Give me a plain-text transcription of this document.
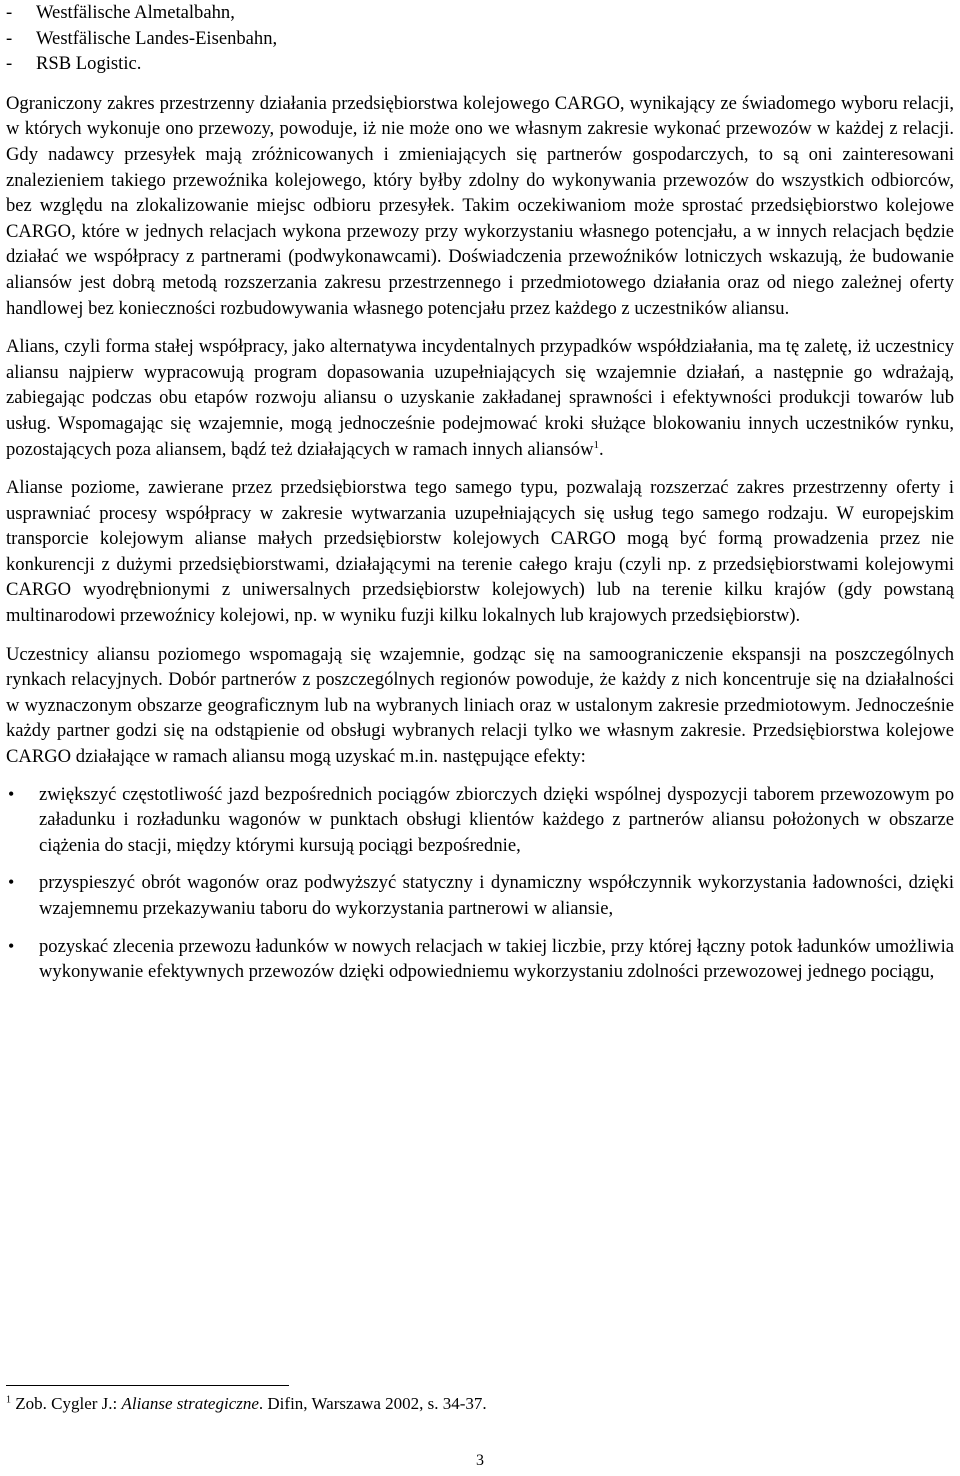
- Westfälische Almetalbahn,
- Westfälische Landes-Eisenbahn,
- RSB Logistic.

Ograniczony zakres przestrzenny działania przedsiębiorstwa kolejowego CARGO, wynikający ze świadomego wyboru relacji, w których wykonuje ono przewozy, powoduje, iż nie może ono we własnym zakresie wykonać przewozów w każdej z relacji. Gdy nadawcy przesyłek mają zróżnicowanych i zmieniających się partnerów gospodarczych, to są oni zainteresowani znalezieniem takiego przewoźnika kolejowego, który byłby zdolny do wykonywania przewozów do wszystkich odbiorców, bez względu na zlokalizowanie miejsc odbioru przesyłek. Takim oczekiwaniom może sprostać przedsiębiorstwo kolejowe CARGO, które w jednych relacjach wykona przewozy przy wykorzystaniu własnego potencjału, a w innych relacjach będzie działać we współpracy z partnerami (podwykonawcami). Doświadczenia przewoźników lotniczych wskazują, że budowanie aliansów jest dobrą metodą rozszerzania zakresu przestrzennego i przedmiotowego działania oraz od niego zależnej oferty handlowej bez konieczności rozbudowywania własnego potencjału przez każdego z uczestników aliansu.

Alians, czyli forma stałej współpracy, jako alternatywa incydentalnych przypadków współdziałania, ma tę zaletę, iż uczestnicy aliansu najpierw wypracowują program dopasowania uzupełniających się wzajemnie działań, a następnie go wdrażają, zabiegając podczas obu etapów rozwoju aliansu o uzyskanie zakładanej sprawności i efektywności produkcji towarów lub usług. Wspomagając się wzajemnie, mogą jednocześnie podejmować kroki służące blokowaniu innych uczestników rynku, pozostających poza aliansem, bądź też działających w ramach innych aliansów$^1$.

Alianse poziome, zawierane przez przedsiębiorstwa tego samego typu, pozwalają rozszerzać zakres przestrzenny oferty i usprawniać procesy współpracy w zakresie wytwarzania uzupełniających się usług tego samego rodzaju. W europejskim transporcie kolejowym alianse małych przedsiębiorstw kolejowych CARGO mogą być formą prowadzenia przez nie konkurencji z dużymi przedsiębiorstwami, działającymi na terenie całego kraju (czyli np. z przedsiębiorstwami kolejowymi CARGO wyodrębnionymi z uniwersalnych przedsiębiorstw kolejowych) lub na terenie kilku krajów (gdy powstaną multinarodowi przewoźnicy kolejowi, np. w wyniku fuzji kilku lokalnych lub krajowych przedsiębiorstw).

Uczestnicy aliansu poziomego wspomagają się wzajemnie, godząc się na samoograniczenie ekspansji na poszczególnych rynkach relacyjnych. Dobór partnerów z poszczególnych regionów powoduje, że każdy z nich koncentruje się na działalności w wyznaczonym obszarze geograficznym lub na wybranych liniach oraz w ustalonym zakresie przedmiotowym. Jednocześnie każdy partner godzi się na odstąpienie od obsługi wybranych relacji tylko we własnym zakresie. Przedsiębiorstwa kolejowe CARGO działające w ramach aliansu mogą uzyskać m.in. następujące efekty:

• zwiększyć częstotliwość jazd bezpośrednich pociągów zbiorczych dzięki wspólnej dyspozycji taborem przewozowym po załadunku i rozładunku wagonów w punktach obsługi klientów każdego z partnerów aliansu położonych w obszarze ciążenia do stacji, między którymi kursują pociągi bezpośrednie,
• przyspieszyć obrót wagonów oraz podwyższyć statyczny i dynamiczny współczynnik wykorzystania ładowności, dzięki wzajemnemu przekazywaniu taboru do wykorzystania partnerowi w aliansie,
• pozyskać zlecenia przewozu ładunków w nowych relacjach w takiej liczbie, przy której łączny potok ładunków umożliwia wykonywanie efektywnych przewozów dzięki odpowiedniemu wykorzystaniu zdolności przewozowej jednego pociągu,
$^1$ Zob. Cygler J.: Alianse strategiczne. Difin, Warszawa 2002, s. 34-37.
3
